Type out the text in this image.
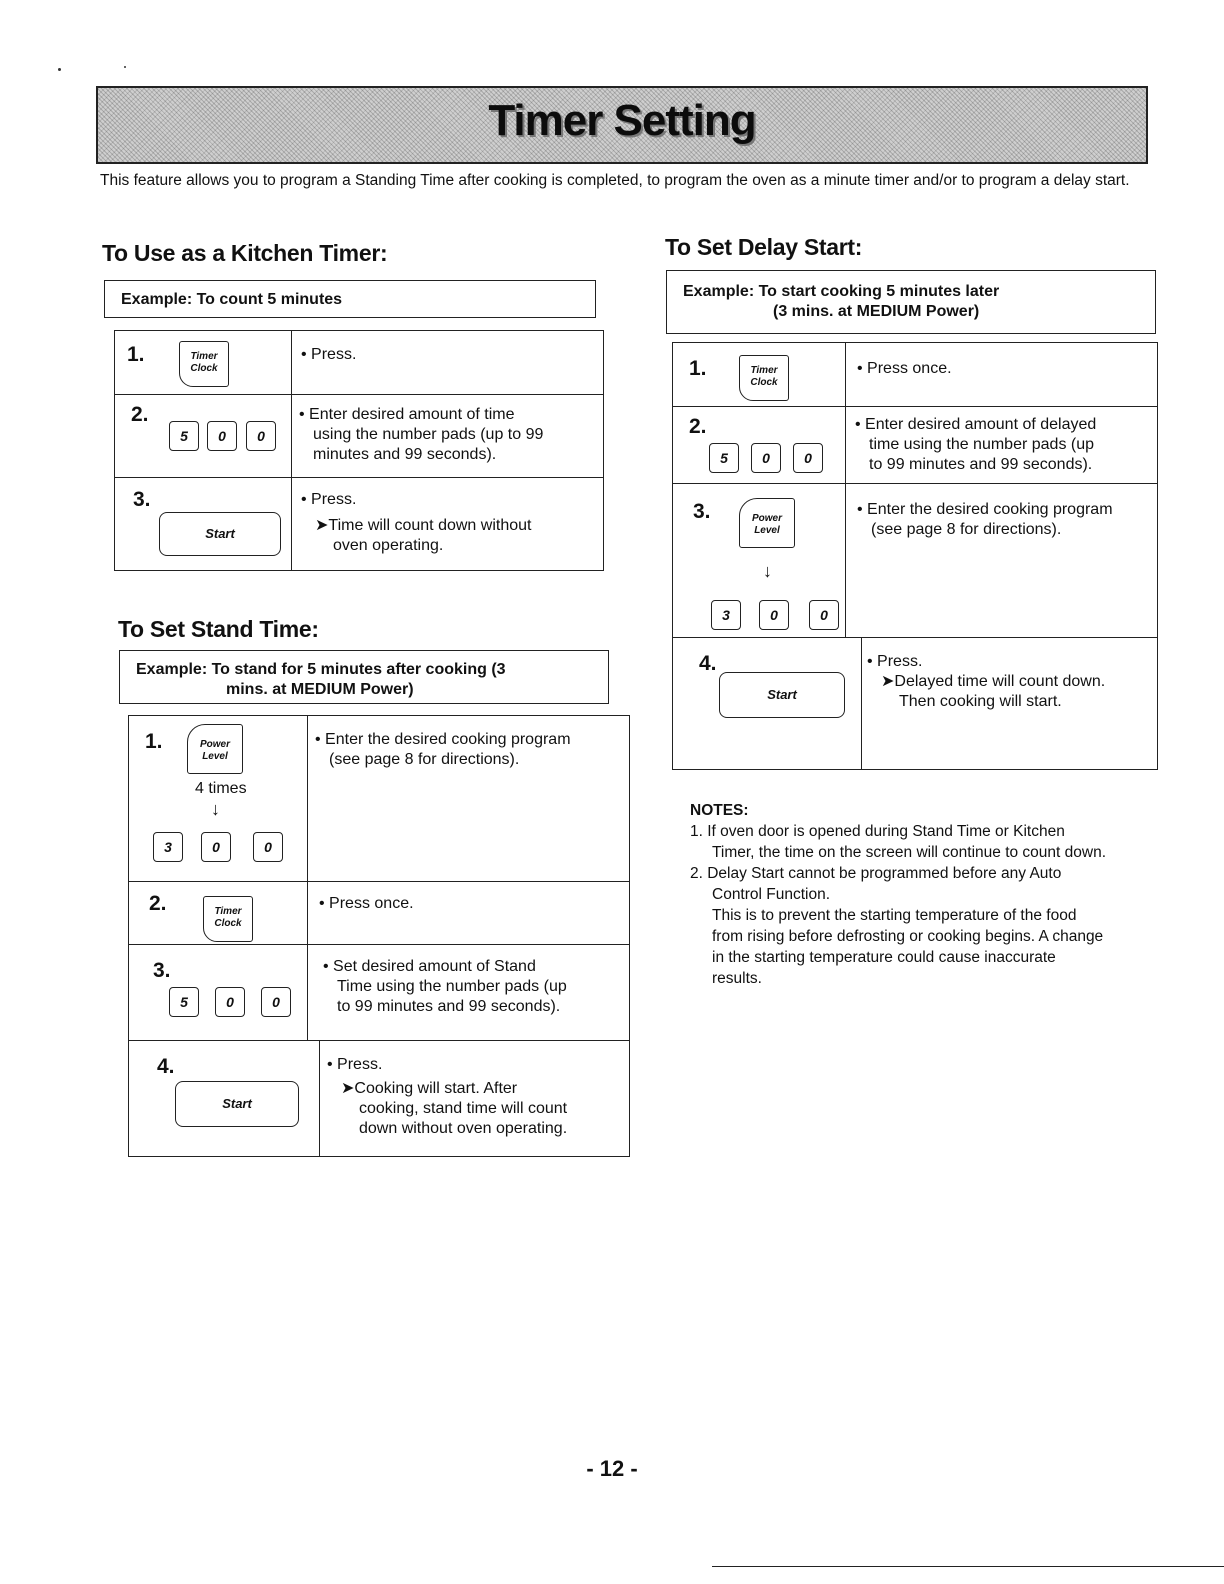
Timer Setting
This feature allows you to program a Standing Time after cooking is completed, to program the oven as a minute timer and/or to program a delay start.
To Use as a Kitchen Timer:
Example: To count 5 minutes
1.	Timer
Clock
• Press.
2.
5	0	0
• Enter desired amount of time
using the number pads (up to 99
minutes and 99 seconds).
3.
Start
• Press.
➤Time will count down without
oven operating.
To Set Stand Time:
Example: To stand for 5 minutes after cooking (3
mins. at MEDIUM Power)
1.	Power
Level
4 times
↓
3	0	0
• Enter the desired cooking program
(see page 8 for directions).
2.	Timer
Clock
• Press once.
3.
5	0	0
• Set desired amount of Stand
Time using the number pads (up
to 99 minutes and 99 seconds).
4.
Start
• Press.
➤Cooking will start. After
cooking, stand time will count
down without oven operating.
To Set Delay Start:
Example: To start cooking 5 minutes later
(3 mins. at MEDIUM Power)
1.	Timer
Clock
• Press once.
2.
5	0	0
• Enter desired amount of delayed
time using the number pads (up
to 99 minutes and 99 seconds).
3.	Power
Level
↓
3	0	0
• Enter the desired cooking program
(see page 8 for directions).
4.
Start
• Press.
➤Delayed time will count down.
Then cooking will start.
NOTES:
1. If oven door is opened during Stand Time or Kitchen
Timer, the time on the screen will continue to count down.
2. Delay Start cannot be programmed before any Auto
Control Function.
This is to prevent the starting temperature of the food
from rising before defrosting or cooking begins. A change
in the starting temperature could cause inaccurate
results.
- 12 -
